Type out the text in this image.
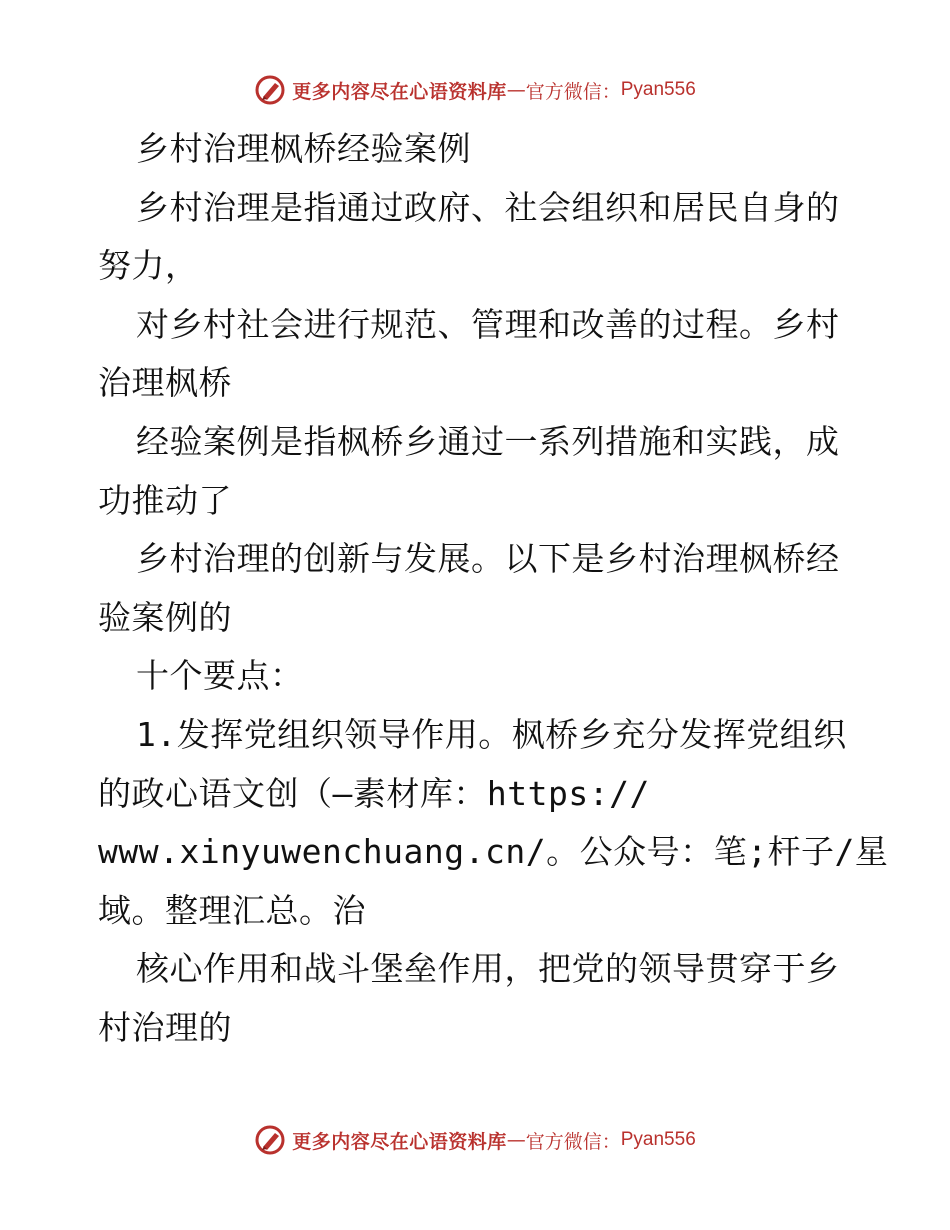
更多内容尽在心语资料库 — 官方微信： Pyan556
乡村治理枫桥经验案例
乡村治理是指通过政府、社会组织和居民自身的
努力，
对乡村社会进行规范、管理和改善的过程。乡村
治理枫桥
经验案例是指枫桥乡通过一系列措施和实践，成
功推动了
乡村治理的创新与发展。以下是乡村治理枫桥经
验案例的
十个要点：
1.发挥党组织领导作用。枫桥乡充分发挥党组织
的政心语文创（—素材库：https://
www.xinyuwenchuang.cn/。公众号：笔;杆子/星
域。整理汇总。治
核心作用和战斗堡垒作用，把党的领导贯穿于乡
村治理的
更多内容尽在心语资料库 — 官方微信： Pyan556
